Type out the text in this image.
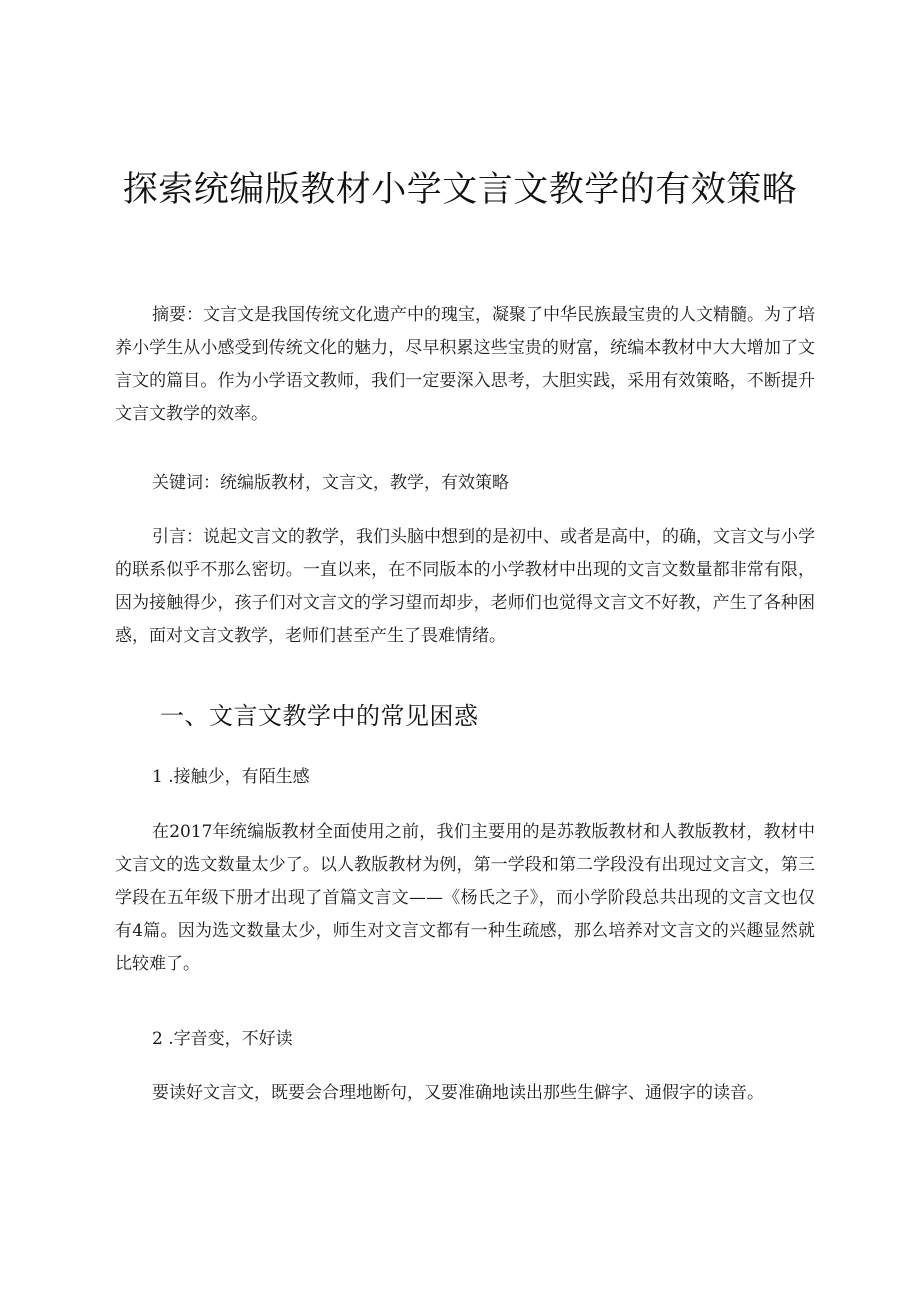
探索统编版教材小学文言文教学的有效策略
摘要：文言文是我国传统文化遗产中的瑰宝，凝聚了中华民族最宝贵的人文精髓。为了培养小学生从小感受到传统文化的魅力，尽早积累这些宝贵的财富，统编本教材中大大增加了文言文的篇目。作为小学语文教师，我们一定要深入思考，大胆实践，采用有效策略，不断提升文言文教学的效率。
关键词：统编版教材，文言文，教学，有效策略
引言：说起文言文的教学，我们头脑中想到的是初中、或者是高中，的确，文言文与小学的联系似乎不那么密切。一直以来，在不同版本的小学教材中出现的文言文数量都非常有限，因为接触得少，孩子们对文言文的学习望而却步，老师们也觉得文言文不好教，产生了各种困惑，面对文言文教学，老师们甚至产生了畏难情绪。
一、文言文教学中的常见困惑
1 .接触少，有陌生感
在2017年统编版教材全面使用之前，我们主要用的是苏教版教材和人教版教材，教材中文言文的选文数量太少了。以人教版教材为例，第一学段和第二学段没有出现过文言文，第三学段在五年级下册才出现了首篇文言文——《杨氏之子》，而小学阶段总共出现的文言文也仅有4篇。因为选文数量太少，师生对文言文都有一种生疏感，那么培养对文言文的兴趣显然就比较难了。
2 .字音变，不好读
要读好文言文，既要会合理地断句，又要准确地读出那些生僻字、通假字的读音。
